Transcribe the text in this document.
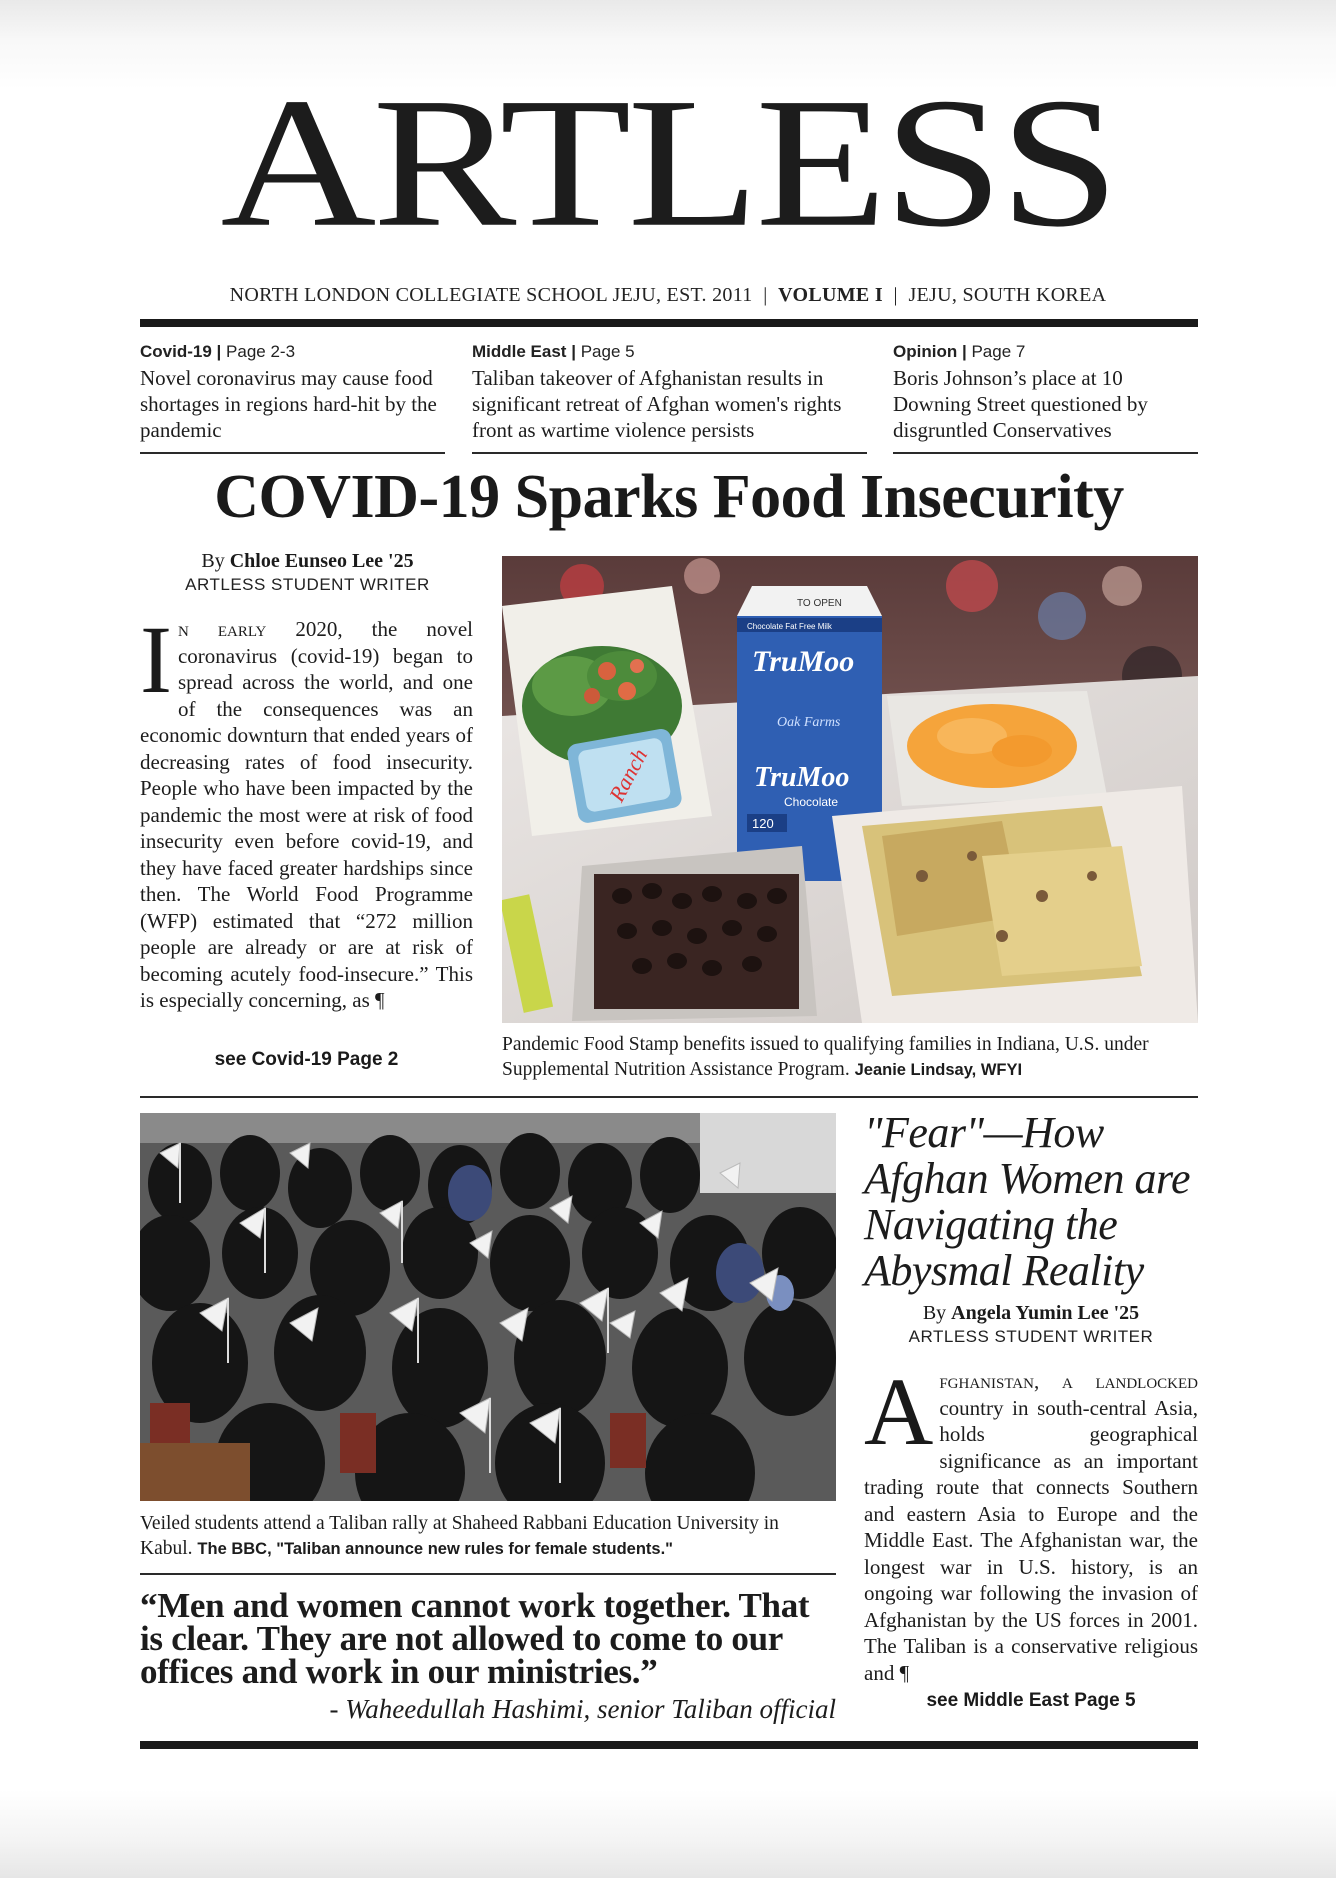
ARTLESS
NORTH LONDON COLLEGIATE SCHOOL JEJU, EST. 2011 | VOLUME I | JEJU, SOUTH KOREA
Covid-19 | Page 2-3
Novel coronavirus may cause food shortages in regions hard-hit by the pandemic
Middle East | Page 5
Taliban takeover of Afghanistan results in significant retreat of Afghan women's rights front as wartime violence persists
Opinion | Page 7
Boris Johnson’s place at 10 Downing Street questioned by disgruntled Conservatives
COVID-19 Sparks Food Insecurity
By Chloe Eunseo Lee '25
ARTLESS STUDENT WRITER
In early 2020, the novel coronavirus (covid-19) began to spread across the world, and one of the consequences was an economic downturn that ended years of decreasing rates of food insecurity. People who have been impacted by the pandemic the most were at risk of food insecurity even before covid-19, and they have faced greater hardships since then. The World Food Programme (WFP) estimated that “272 million people are already or are at risk of becoming acutely food-insecure.” This is especially concerning, as ¶
see Covid-19 Page 2
Ranch
TO OPEN
Chocolate Fat Free Milk
TruMoo
Oak Farms
TruMoo
Chocolate
120
Pandemic Food Stamp benefits issued to qualifying families in Indiana, U.S. under Supplemental Nutrition Assistance Program. Jeanie Lindsay, WFYI
Veiled students attend a Taliban rally at Shaheed Rabbani Education University in Kabul. The BBC, "Taliban announce new rules for female students."
“Men and women cannot work together. That is clear. They are not allowed to come to our offices and work in our ministries.”
- Waheedullah Hashimi, senior Taliban official
"Fear"—How Afghan Women are Navigating the Abysmal Reality
By Angela Yumin Lee '25
ARTLESS STUDENT WRITER
Afghanistan, a landlocked country in south-central Asia, holds geographical significance as an important trading route that connects Southern and eastern Asia to Europe and the Middle East. The Afghanistan war, the longest war in U.S. history, is an ongoing war following the invasion of Afghanistan by the US forces in 2001. The Taliban is a conservative religious and ¶
see Middle East Page 5
